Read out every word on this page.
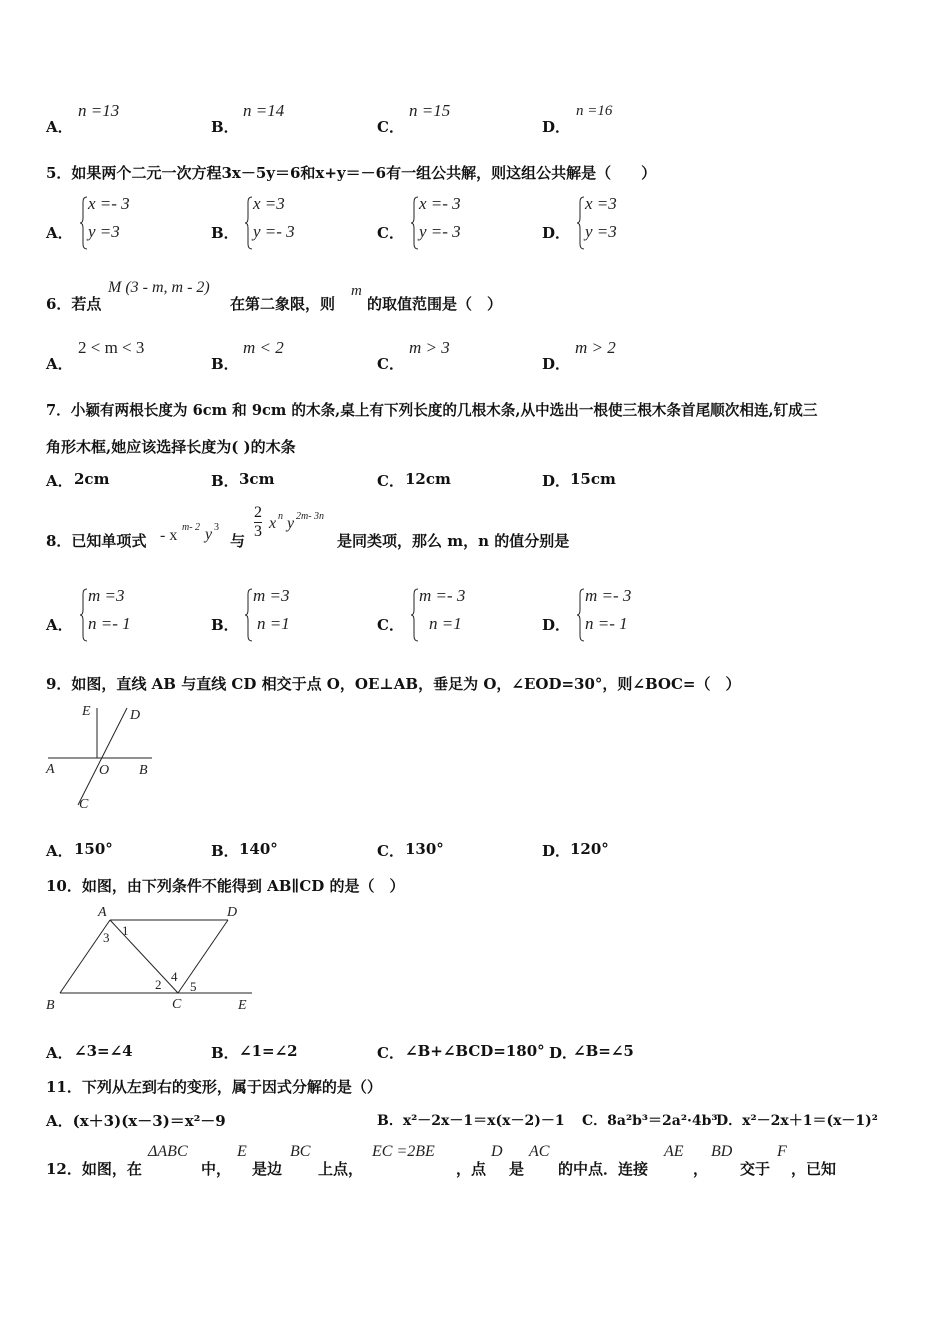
A．
n =13
B．
n =14
C．
n =15
D．
n =16
5．如果两个二元一次方程3x－5y＝6和x+y＝－6有一组公共解，则这组公共解是（　　）
A．
x =- 3
y =3	B．
x =3
y =- 3	C．
x =- 3
y =- 3	D．
x =3
y =3
6．若点
M (3 - m, m - 2)
在第二象限，则
m
的取值范围是（　）
A．
2 < m < 3
B．
m < 2
C．
m > 3
D．
m > 2
7．小颖有两根长度为 6cm 和 9cm 的木条,桌上有下列长度的几根木条,从中选出一根使三根木条首尾顺次相连,钉成三
角形木框,她应该选择长度为( )的木条
A． 2cm	B． 3cm	C． 12cm	D． 15cm
8．已知单项式 - x m- 2 y 3
与
2
3 x n y 2m- 3n
是同类项，那么 m，n 的值分别是
A．
m =3
n =- 1	B．
m =3
n =1	C．
m =- 3
n =1	D．
m =- 3
n =- 1
9．如图，直线 AB 与直线 CD 相交于点 O，OE⊥AB，垂足为 O，∠EOD=30°，则∠BOC=（　）
E	D
A	O B
C
A． 150°	B． 140°	C． 130°	D． 120°
10．如图，由下列条件不能得到 AB∥CD 的是（　）
A	D
B	C	E
1
2
3
4
5
A． ∠3=∠4	B． ∠1=∠2	C． ∠B+∠BCD=180° D．
∠B=∠5
11．下列从左到右的变形，属于因式分解的是（）
A．(x＋3)(x－3)＝x²－9	B．x²－2x－1＝x(x－2)－1 C．8a²b³＝2a²·4b³
D．x²－2x＋1＝(x－1)²
12．如图，在
ΔABC
中，
E
是边
BC
上点，
EC =2BE
，点
D
是
AC
的中点．连接
AE
，
BD
交于
F
，已知
